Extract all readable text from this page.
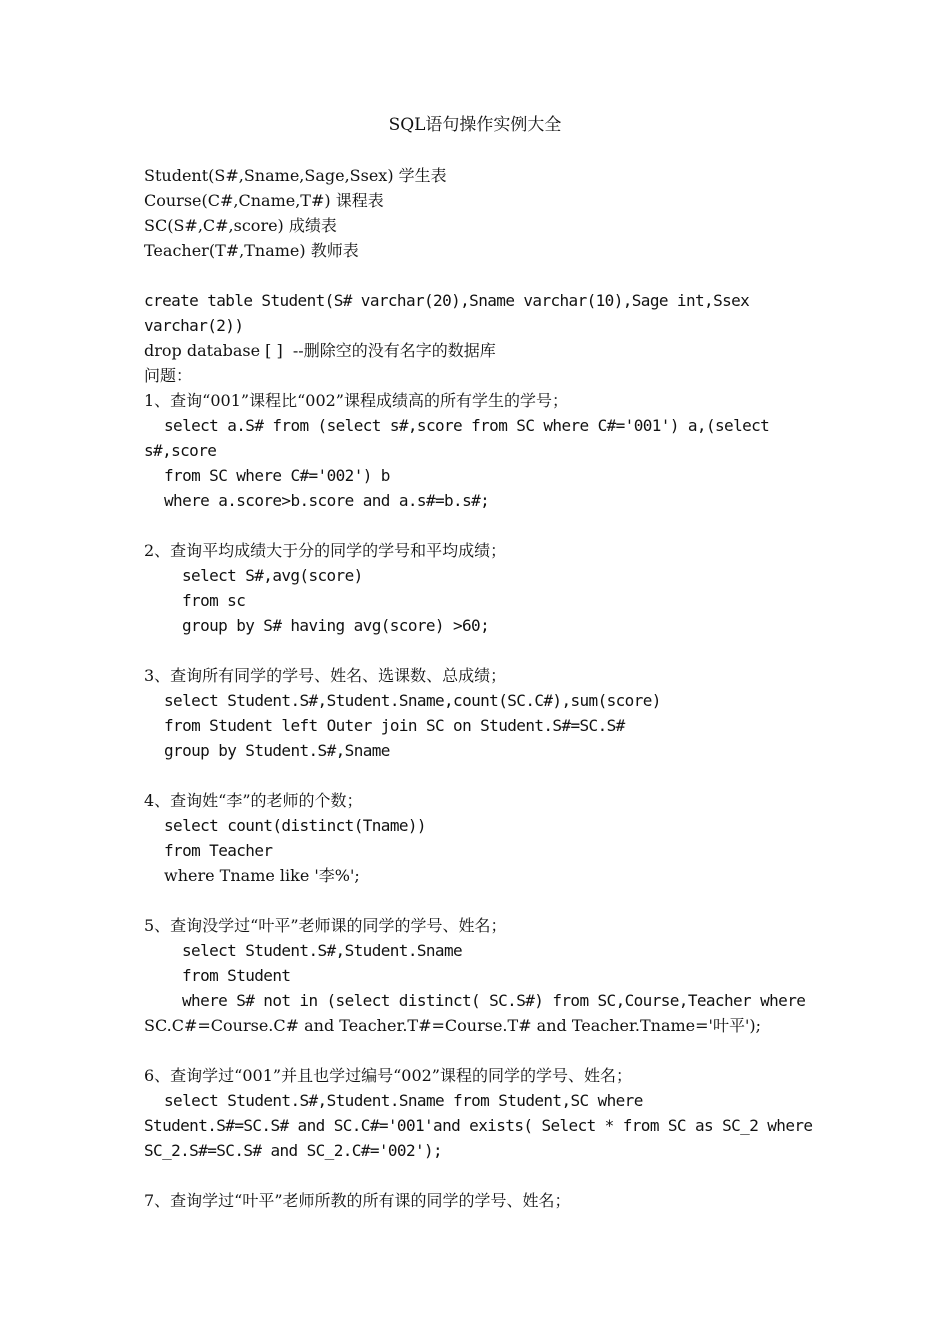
SQL语句操作实例大全
Student(S#,Sname,Sage,Ssex) 学生表
Course(C#,Cname,T#) 课程表
SC(S#,C#,score) 成绩表
Teacher(T#,Tname) 教师表
create table Student(S# varchar(20),Sname varchar(10),Sage int,Ssex
varchar(2))
drop database [ ]  --删除空的没有名字的数据库
问题：
1、查询“001”课程比“002”课程成绩高的所有学生的学号；
select a.S# from (select s#,score from SC where C#='001') a,(select
s#,score
from SC where C#='002') b
where a.score>b.score and a.s#=b.s#;
2、查询平均成绩大于分的同学的学号和平均成绩；
select S#,avg(score)
from sc
group by S# having avg(score) >60;
3、查询所有同学的学号、姓名、选课数、总成绩；
select Student.S#,Student.Sname,count(SC.C#),sum(score)
from Student left Outer join SC on Student.S#=SC.S#
group by Student.S#,Sname
4、查询姓“李”的老师的个数；
select count(distinct(Tname))
from Teacher
where Tname like '李%';
5、查询没学过“叶平”老师课的同学的学号、姓名；
select Student.S#,Student.Sname
from Student
where S# not in (select distinct( SC.S#) from SC,Course,Teacher where
SC.C#=Course.C# and Teacher.T#=Course.T# and Teacher.Tname='叶平');
6、查询学过“001”并且也学过编号“002”课程的同学的学号、姓名；
select Student.S#,Student.Sname from Student,SC where
Student.S#=SC.S# and SC.C#='001'and exists( Select * from SC as SC_2 where
SC_2.S#=SC.S# and SC_2.C#='002');
7、查询学过“叶平”老师所教的所有课的同学的学号、姓名；
